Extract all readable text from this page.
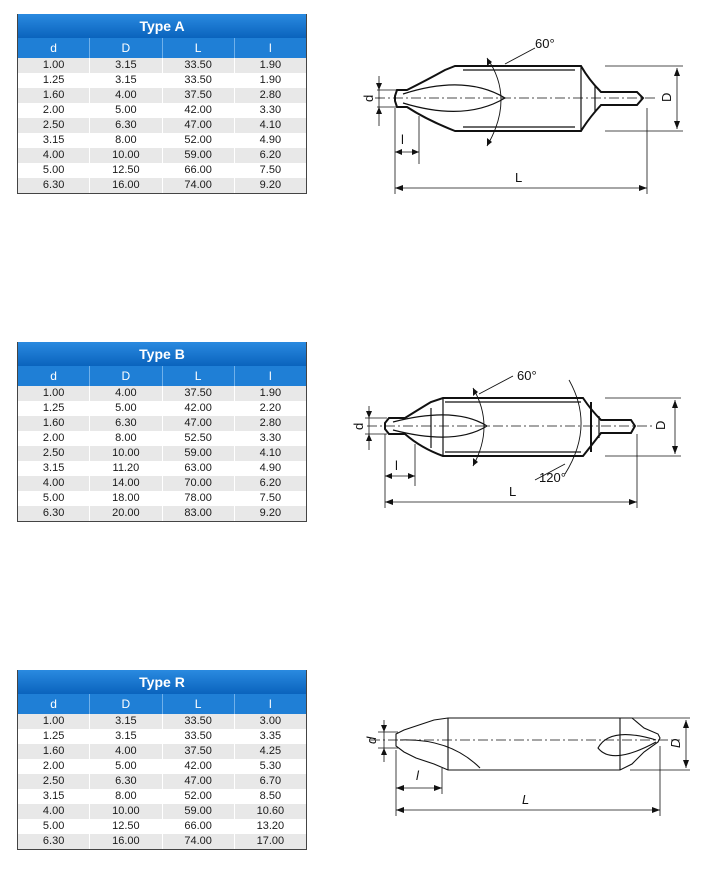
Type A			
d	D	L	l
1.00	3.15	33.50	1.90
1.25	3.15	33.50	1.90
1.60	4.00	37.50	2.80
2.00	5.00	42.00	3.30
2.50	6.30	47.00	4.10
3.15	8.00	52.00	4.90
4.00	10.00	59.00	6.20
5.00	12.50	66.00	7.50
6.30	16.00	74.00	9.20
60°
d	D
l
L
Type B			
d	D	L	l
1.00	4.00	37.50	1.90
1.25	5.00	42.00	2.20
1.60	6.30	47.00	2.80
2.00	8.00	52.50	3.30
2.50	10.00	59.00	4.10
3.15	11.20	63.00	4.90
4.00	14.00	70.00	6.20
5.00	18.00	78.00	7.50
6.30	20.00	83.00	9.20
60°
120°
d	D
l
L
Type R			
d	D	L	l
1.00	3.15	33.50	3.00
1.25	3.15	33.50	3.35
1.60	4.00	37.50	4.25
2.00	5.00	42.00	5.30
2.50	6.30	47.00	6.70
3.15	8.00	52.00	8.50
4.00	10.00	59.00	10.60
5.00	12.50	66.00	13.20
6.30	16.00	74.00	17.00
d	D
l
L
